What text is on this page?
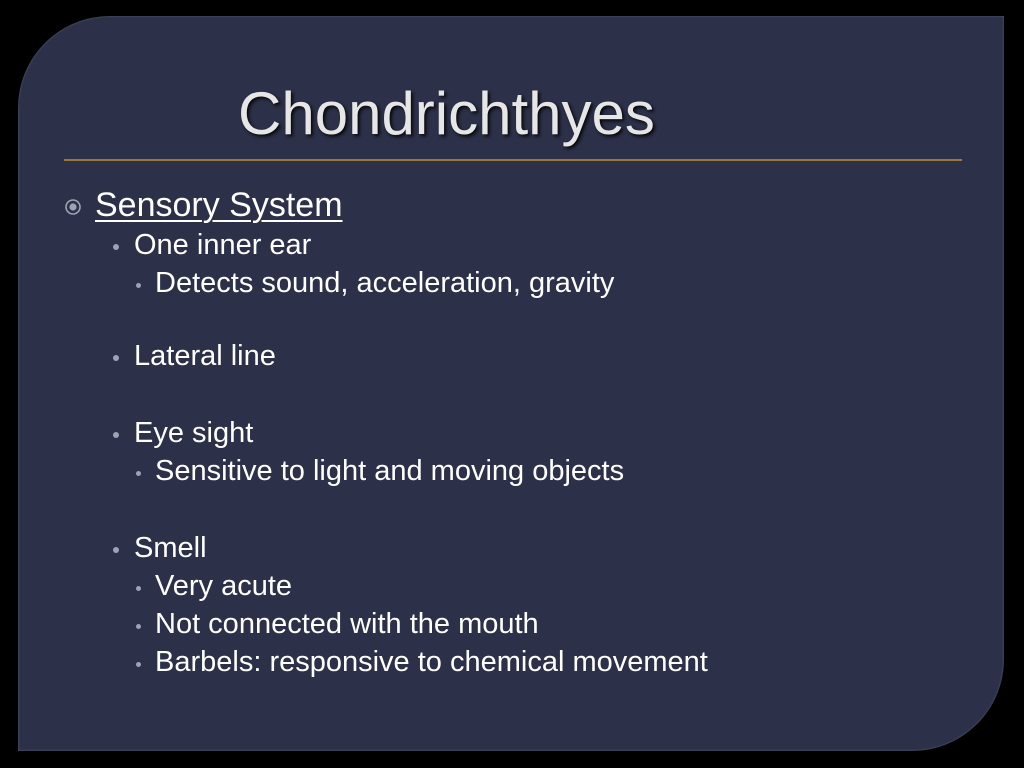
Chondrichthyes
Sensory System
One inner ear
Detects sound, acceleration, gravity
Lateral line
Eye sight
Sensitive to light and moving objects
Smell
Very acute
Not connected with the mouth
Barbels: responsive to chemical movement
